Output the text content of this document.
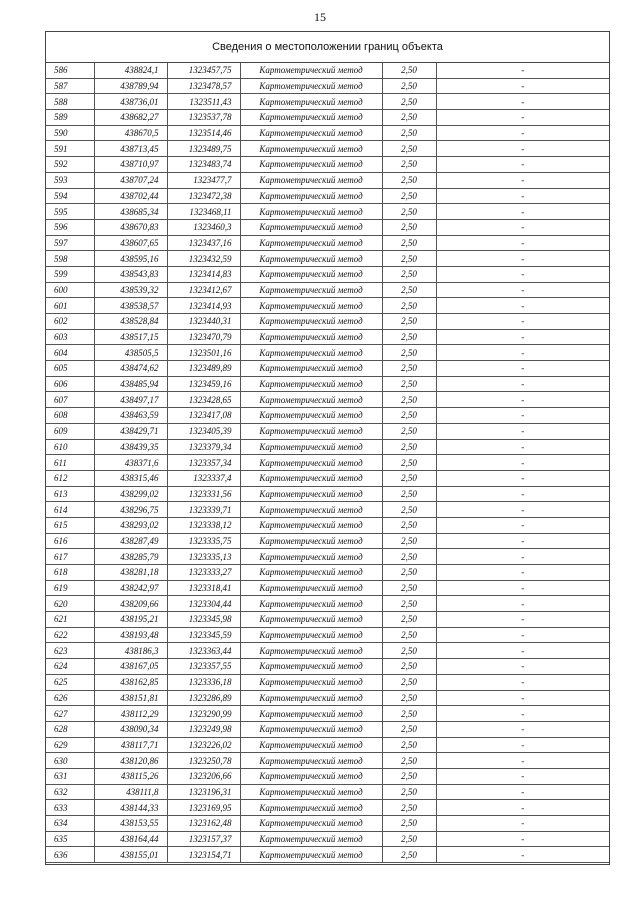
15
Сведения о местоположении границ объекта
586	438824,1	1323457,75	Картометрический метод	2,50	-
587	438789,94	1323478,57	Картометрический метод	2,50	-
588	438736,01	1323511,43	Картометрический метод	2,50	-
589	438682,27	1323537,78	Картометрический метод	2,50	-
590	438670,5	1323514,46	Картометрический метод	2,50	-
591	438713,45	1323489,75	Картометрический метод	2,50	-
592	438710,97	1323483,74	Картометрический метод	2,50	-
593	438707,24	1323477,7	Картометрический метод	2,50	-
594	438702,44	1323472,38	Картометрический метод	2,50	-
595	438685,34	1323468,11	Картометрический метод	2,50	-
596	438670,83	1323460,3	Картометрический метод	2,50	-
597	438607,65	1323437,16	Картометрический метод	2,50	-
598	438595,16	1323432,59	Картометрический метод	2,50	-
599	438543,83	1323414,83	Картометрический метод	2,50	-
600	438539,32	1323412,67	Картометрический метод	2,50	-
601	438538,57	1323414,93	Картометрический метод	2,50	-
602	438528,84	1323440,31	Картометрический метод	2,50	-
603	438517,15	1323470,79	Картометрический метод	2,50	-
604	438505,5	1323501,16	Картометрический метод	2,50	-
605	438474,62	1323489,89	Картометрический метод	2,50	-
606	438485,94	1323459,16	Картометрический метод	2,50	-
607	438497,17	1323428,65	Картометрический метод	2,50	-
608	438463,59	1323417,08	Картометрический метод	2,50	-
609	438429,71	1323405,39	Картометрический метод	2,50	-
610	438439,35	1323379,34	Картометрический метод	2,50	-
611	438371,6	1323357,34	Картометрический метод	2,50	-
612	438315,46	1323337,4	Картометрический метод	2,50	-
613	438299,02	1323331,56	Картометрический метод	2,50	-
614	438296,75	1323339,71	Картометрический метод	2,50	-
615	438293,02	1323338,12	Картометрический метод	2,50	-
616	438287,49	1323335,75	Картометрический метод	2,50	-
617	438285,79	1323335,13	Картометрический метод	2,50	-
618	438281,18	1323333,27	Картометрический метод	2,50	-
619	438242,97	1323318,41	Картометрический метод	2,50	-
620	438209,66	1323304,44	Картометрический метод	2,50	-
621	438195,21	1323345,98	Картометрический метод	2,50	-
622	438193,48	1323345,59	Картометрический метод	2,50	-
623	438186,3	1323363,44	Картометрический метод	2,50	-
624	438167,05	1323357,55	Картометрический метод	2,50	-
625	438162,85	1323336,18	Картометрический метод	2,50	-
626	438151,81	1323286,89	Картометрический метод	2,50	-
627	438112,29	1323290,99	Картометрический метод	2,50	-
628	438090,34	1323249,98	Картометрический метод	2,50	-
629	438117,71	1323226,02	Картометрический метод	2,50	-
630	438120,86	1323250,78	Картометрический метод	2,50	-
631	438115,26	1323206,66	Картометрический метод	2,50	-
632	438111,8	1323196,31	Картометрический метод	2,50	-
633	438144,33	1323169,95	Картометрический метод	2,50	-
634	438153,55	1323162,48	Картометрический метод	2,50	-
635	438164,44	1323157,37	Картометрический метод	2,50	-
636	438155,01	1323154,71	Картометрический метод	2,50	-
